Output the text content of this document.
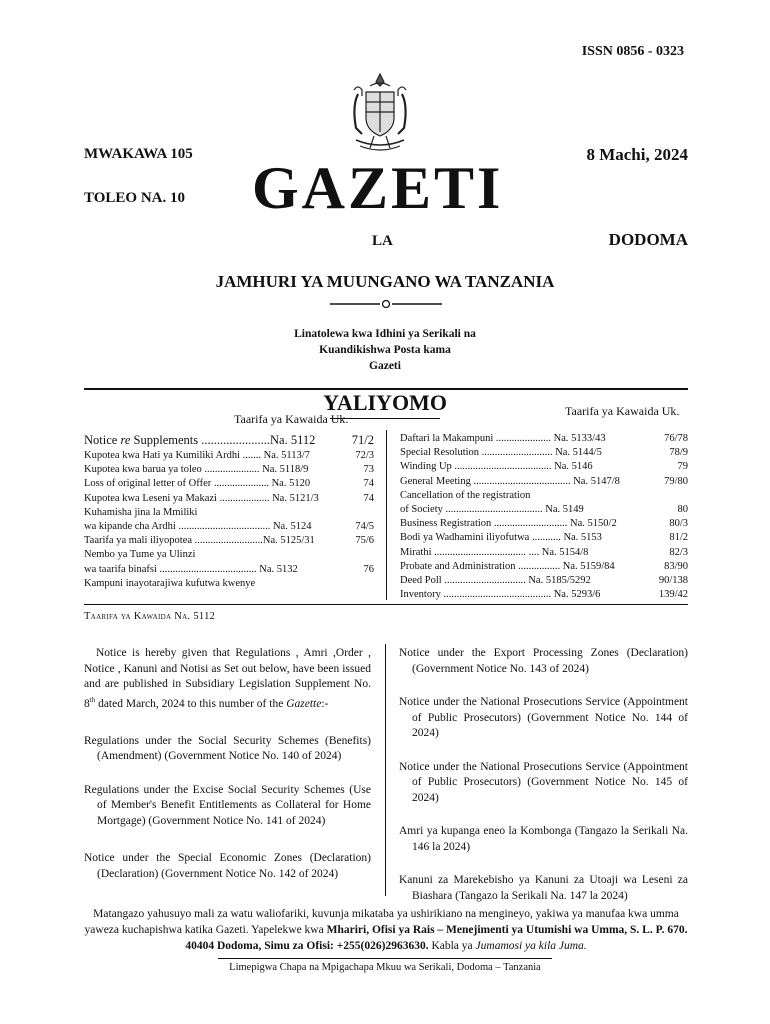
ISSN 0856 - 0323
MWAKAWA 105	8 Machi, 2024
TOLEO NA. 10 GAZETI
LA	DODOMA
JAMHURI YA MUUNGANO WA TANZANIA
Linatolewa kwa Idhini ya Serikali na
Kuandikishwa Posta kama
Gazeti
YALIYOMO
Taarifa ya Kawaida Uk.
Taarifa ya Kawaida Uk.
Notice re Supplements ......................Na. 5112	71/2
Kupotea kwa Hati ya Kumiliki Ardhi ....... Na. 5113/7	72/3
Kupotea kwa barua ya toleo ..................... Na. 5118/9	73
Loss of original letter of Offer ..................... Na. 5120	74
Kupotea kwa Leseni ya Makazi ................... Na. 5121/3	74
Kuhamisha jina la Mmiliki
wa kipande cha Ardhi ................................... Na. 5124	74/5
Taarifa ya mali iliyopotea ..........................Na. 5125/31	75/6
Nembo ya Tume ya Ulinzi
wa taarifa binafsi ..................................... Na. 5132	76
Kampuni inayotarajiwa kufutwa kwenye
Daftari la Makampuni ..................... Na. 5133/43	76/78
Special Resolution ........................... Na. 5144/5	78/9
Winding Up ..................................... Na. 5146	79
General Meeting ..................................... Na. 5147/8	79/80
Cancellation of the registration
of Society ..................................... Na. 5149	80
Business Registration ............................ Na. 5150/2	80/3
Bodi ya Wadhamini iliyofutwa ........... Na. 5153	81/2
Mirathi ................................... .... Na. 5154/8	82/3
Probate and Administration ................ Na. 5159/84	83/90
Deed Poll ............................... Na. 5185/5292	90/138
Inventory ......................................... Na. 5293/6	139/42
Taarifa ya Kawaida Na. 5112

Notice is hereby given that Regulations , Amri ,Order , Notice , Kanuni and Notisi as Set out below, have been issued and are published in Subsidiary Legislation Supplement No. 8th dated March, 2024 to this number of the Gazette:-

Regulations under the Social Security Schemes (Benefits) (Amendment) (Government Notice No. 140 of 2024)

Regulations under the Excise Social Security Schemes (Use of Member's Benefit Entitlements as Collateral for Home Mortgage) (Government Notice No. 141 of 2024)

Notice under the Special Economic Zones (Declaration) (Declaration) (Government Notice No. 142 of 2024)

Notice under the Export Processing Zones (Declaration) (Government Notice No. 143 of 2024)

Notice under the National Prosecutions Service (Appointment of Public Prosecutors) (Government Notice No. 144 of 2024)

Notice under the National Prosecutions Service (Appointment of Public Prosecutors) (Government Notice No. 145 of 2024)

Amri ya kupanga eneo la Kombonga (Tangazo la Serikali Na. 146 la 2024)

Kanuni za Marekebisho ya Kanuni za Utoaji wa Leseni za Biashara (Tangazo la Serikali Na. 147 la 2024)

Matangazo yahusuyo mali za watu waliofariki, kuvunja mikataba ya ushirikiano na mengineyo, yakiwa ya manufaa kwa umma yaweza kuchapishwa katika Gazeti. Yapelekwe kwa Mhariri, Ofisi ya Rais – Menejimenti ya Utumishi wa Umma, S. L. P. 670. 40404 Dodoma, Simu za Ofisi: +255(026)2963630. Kabla ya Jumamosi ya kila Juma.
Limepigwa Chapa na Mpigachapa Mkuu wa Serikali, Dodoma – Tanzania
